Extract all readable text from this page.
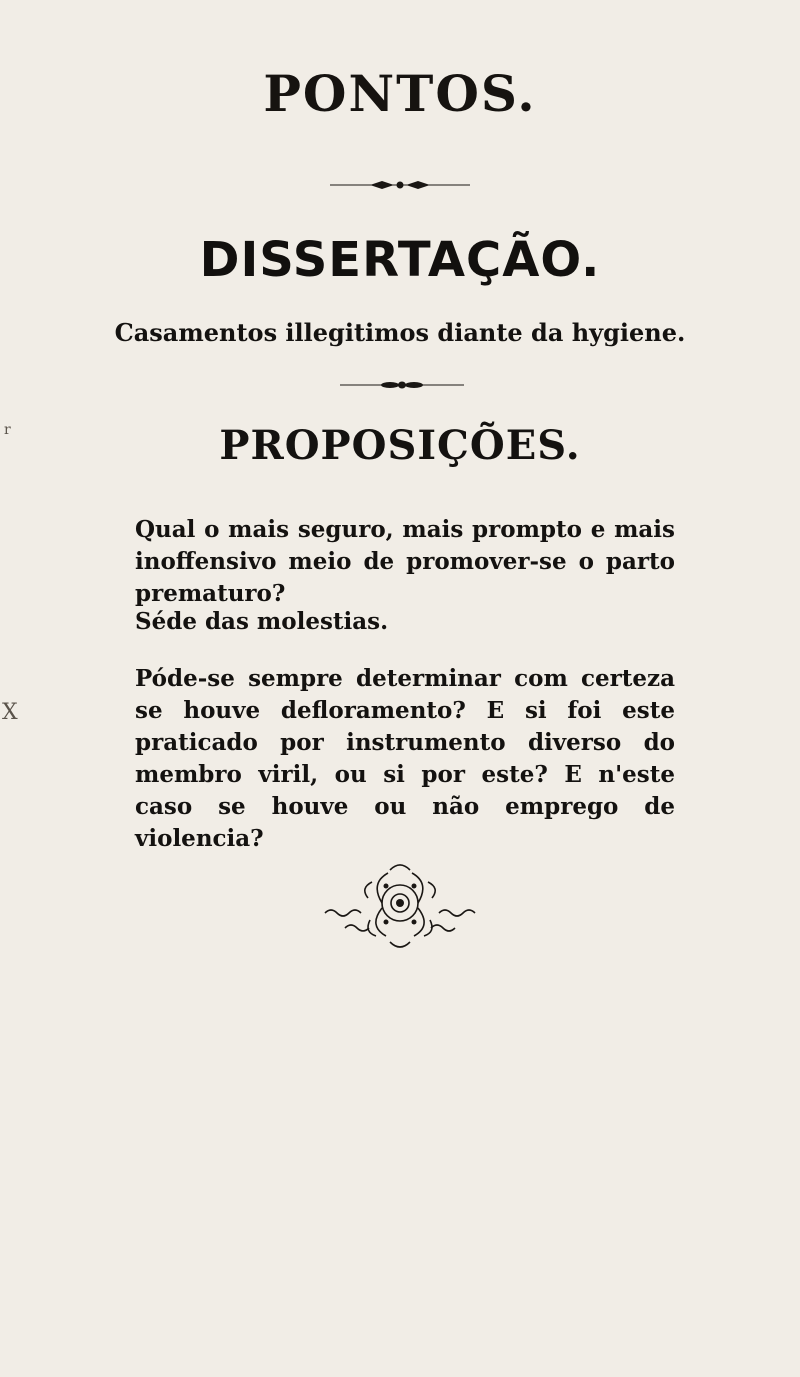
PONTOS.
DISSERTAÇÃO.
Casamentos illegitimos diante da hygiene.
r	PROPOSIÇÕES.
Qual o mais seguro, mais prompto e mais inoffensivo meio de promover-se o parto prematuro?
Séde das molestias.
Póde-se sempre determinar com certeza se houve defloramento? E si foi este praticado por instrumento diverso do membro viril, ou si por este? E n'este caso se houve ou não emprego de violencia?
Ⅹ
